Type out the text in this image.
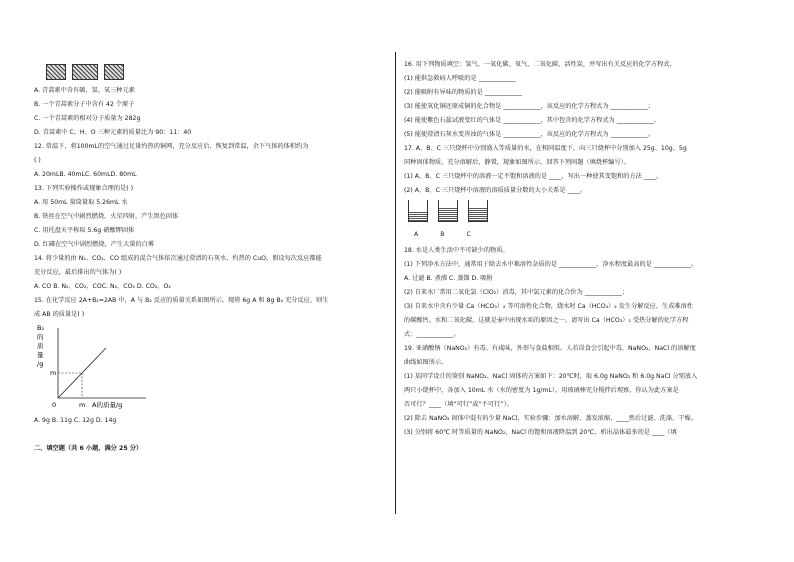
A. 青蒿素中含有碳、氢、氧三种元素
B. 一个青蒿素分子中含有 42 个原子
C. 一个青蒿素的相对分子质量为 282g
D. 青蒿素中 C、H、O 三种元素的质量比为 90：11：40
12. 常温下，将100mL的空气通过足量灼热的铜网，充分反应后，恢复到常温，余下气体的体积约为
( )
A. 20mLB. 40mLC. 60mLD. 80mL
13. 下列实验操作或现象合理的是( )
A. 用 50mL 量筒量取 5.26mL 水
B. 铁丝在空气中剧烈燃烧，火星四射，产生黑色固体
C. 用托盘天平称取 5.6g 硝酸钾固体
D. 红磷在空气中剧烈燃烧，产生大量的白雾
14. 将少量的由 N₂、CO₂、CO 组成的混合气体依次通过澄清的石灰水、灼热的 CuO，假设每次反应都能
充分反应，最后排出的气体为( )
A. CO B. N₂、CO₂、COC. N₂、CO₂ D. CO₂、O₂
15. 在化学反应 2A+B₂=2AB 中，A 与 B₂ 反应的质量关系如图所示，现将 6g A 和 8g B₂ 充分反应，则生
成 AB 的质量是( )
B₂
的
质
量
/g
m
0	m A的质量/g
A. 9g B. 11g C. 12g D. 14g
二、填空题（共 6 小题，满分 25 分）
16. 用下列物质填空：氢气、一氧化碳、氧气、二氧化碳、活性炭，并写出有关反应的化学方程式。
(1) 能供急救病人呼吸的是 ____________
(2) 能吸附有异味的物质的是 ____________
(3) 能使氧化铜还原成铜的化合物是 ____________，该反应的化学方程式为 ____________；
(4) 能使紫色石蕊试液变红的气体是 ____________，其中包含的化学方程式为 ____________。
(5) 能使澄清石灰水变浑浊的气体是 ____________，该反应的化学方程式为 ____________。
17. A、B、C 三只烧杯中分别盛入等质量的水，在相同温度下，向三只烧杯中分别加入 25g、10g、5g
同种固体物质，充分溶解后，静置，现象如图所示，回答下列问题（填烧杯编号）。
(1) A、B、C 三只烧杯中的溶液一定不饱和溶液的是 ____，写出一种使其变饱和的方法 ____。
(2) A、B、C 三只烧杯中溶液的溶质质量分数的大小关系是 ____。
A	B	C
18. 水是人类生活中不可缺少的物质。
(1) 下列净水方法中，通常用于除去水中难溶性杂质的是 ____________，净水程度最高的是 ____________。
A. 过滤 B. 煮沸 C. 蒸馏 D. 吸附
(2) 自来水厂常用二氧化氯（ClO₂）消毒，其中氯元素的化合价为 ____________；
(3) 自来水中含有少量 Ca（HCO₃）₂ 等可溶性化合物，烧水时 Ca（HCO₃）₂ 发生分解反应，生成难溶性
的碳酸钙、水和二氧化碳，这就是壶中出现水垢的原因之一。请写出 Ca（HCO₃）₂ 受热分解的化学方程
式：____________。
19. 亚硝酸钠（NaNO₂）有毒、有咸味，外形与食盐相似。人若误食会引起中毒，NaNO₂、NaCl 的溶解度
曲线如图所示。
(1) 某同学设计的鉴别 NaNO₂、NaCl 固体的方案如下：20℃时，取 6.0g NaNO₂ 和 6.0g NaCl 分别放入
两只小烧杯中，各加入 10mL 水（水的密度为 1g/mL），用玻璃棒充分搅拌后观察，你认为此方案是
否可行？____（填“可行”或“不可行”）。
(2) 除去 NaNO₂ 固体中混有的少量 NaCl，实验步骤：加水溶解、蒸发浓缩、____然后过滤、洗涤、干燥。
(3) 分别将 60℃ 时等质量的 NaNO₂、NaCl 的饱和溶液降温到 20℃，析出晶体最多的是 ____（填
